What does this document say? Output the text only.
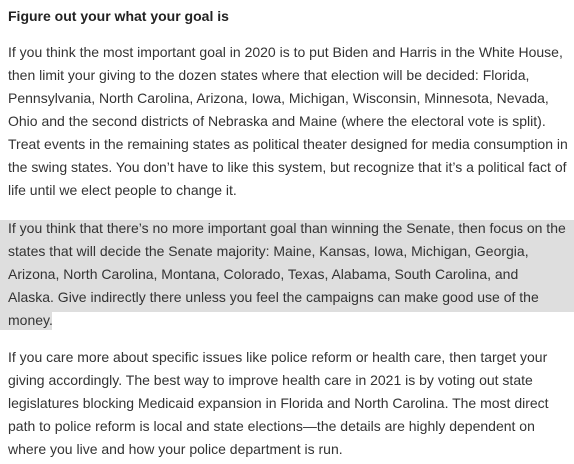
Figure out your what your goal is
If you think the most important goal in 2020 is to put Biden and Harris in the White House,
then limit your giving to the dozen states where that election will be decided: Florida,
Pennsylvania, North Carolina, Arizona, Iowa, Michigan, Wisconsin, Minnesota, Nevada,
Ohio and the second districts of Nebraska and Maine (where the electoral vote is split).
Treat events in the remaining states as political theater designed for media consumption in
the swing states. You don’t have to like this system, but recognize that it’s a political fact of
life until we elect people to change it.
If you think that there’s no more important goal than winning the Senate, then focus on the
states that will decide the Senate majority: Maine, Kansas, Iowa, Michigan, Georgia,
Arizona, North Carolina, Montana, Colorado, Texas, Alabama, South Carolina, and
Alaska. Give indirectly there unless you feel the campaigns can make good use of the
money.
If you care more about specific issues like police reform or health care, then target your
giving accordingly. The best way to improve health care in 2021 is by voting out state
legislatures blocking Medicaid expansion in Florida and North Carolina. The most direct
path to police reform is local and state elections—the details are highly dependent on
where you live and how your police department is run.
